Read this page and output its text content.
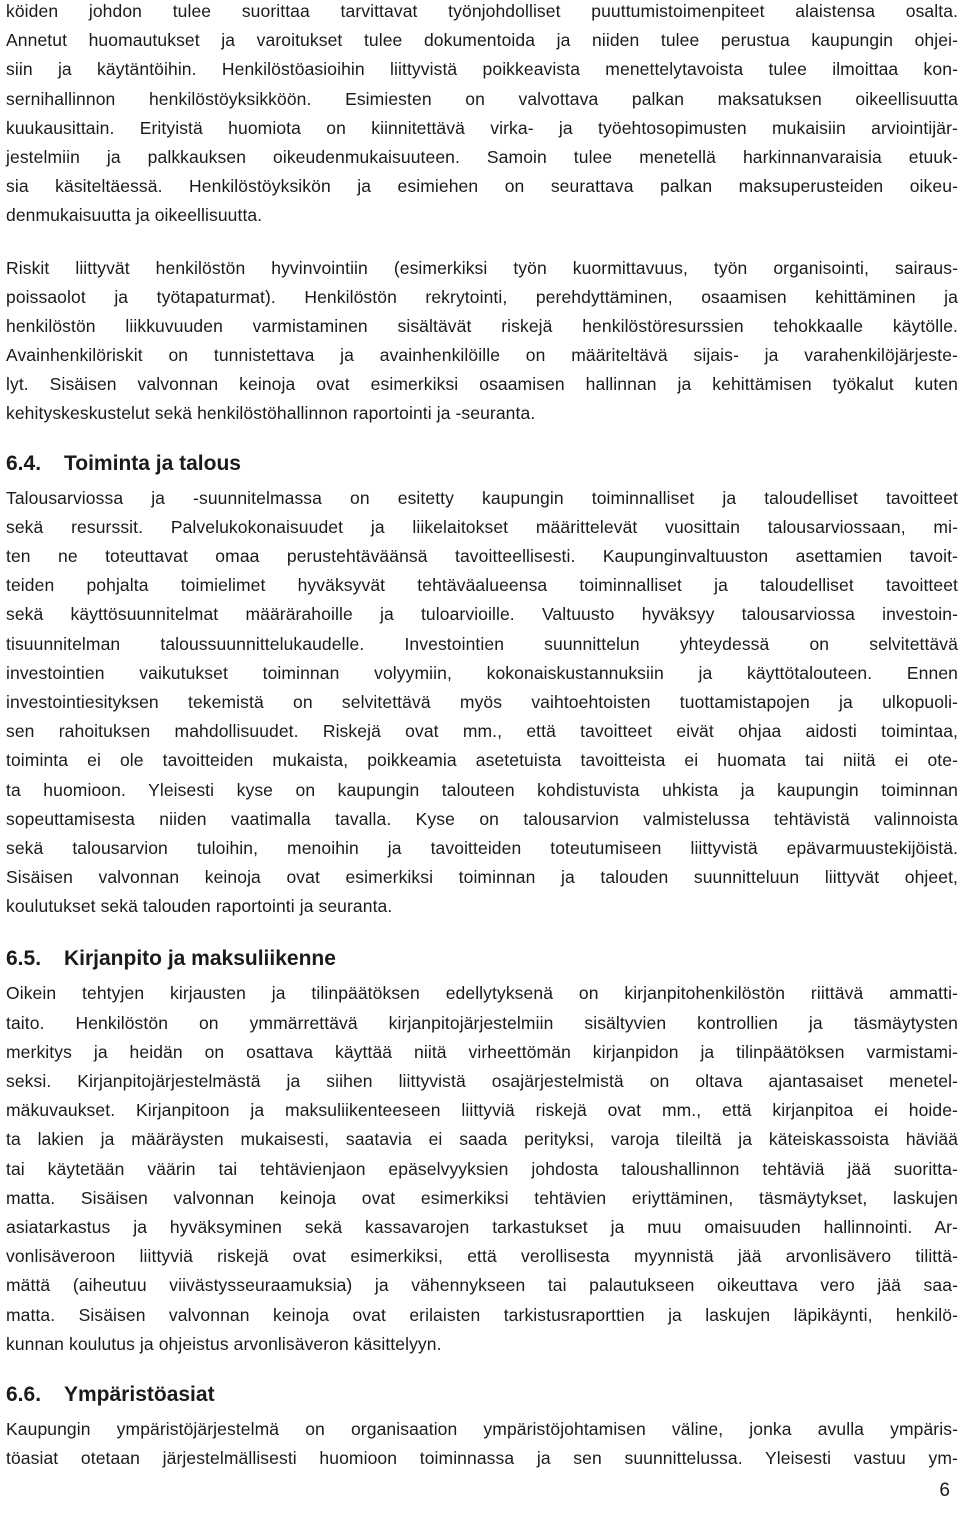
köiden johdon tulee suorittaa tarvittavat työnjohdolliset puuttumistoimenpiteet alaistensa osalta.
Annetut huomautukset ja varoitukset tulee dokumentoida ja niiden tulee perustua kaupungin ohjei-
siin ja käytäntöihin. Henkilöstöasioihin liittyvistä poikkeavista menettelytavoista tulee ilmoittaa kon-
sernihallinnon henkilöstöyksikköön. Esimiesten on valvottava palkan maksatuksen oikeellisuutta
kuukausittain. Erityistä huomiota on kiinnitettävä virka- ja työehtosopimusten mukaisiin arviointijär-
jestelmiin ja palkkauksen oikeudenmukaisuuteen. Samoin tulee menetellä harkinnanvaraisia etuuk-
sia käsiteltäessä. Henkilöstöyksikön ja esimiehen on seurattava palkan maksuperusteiden oikeu-
denmukaisuutta ja oikeellisuutta.
Riskit liittyvät henkilöstön hyvinvointiin (esimerkiksi työn kuormittavuus, työn organisointi, sairaus-
poissaolot ja työtapaturmat). Henkilöstön rekrytointi, perehdyttäminen, osaamisen kehittäminen ja
henkilöstön liikkuvuuden varmistaminen sisältävät riskejä henkilöstöresurssien tehokkaalle käytölle.
Avainhenkilöriskit on tunnistettava ja avainhenkilöille on määriteltävä sijais- ja varahenkilöjärjeste-
lyt. Sisäisen valvonnan keinoja ovat esimerkiksi osaamisen hallinnan ja kehittämisen työkalut kuten
kehityskeskustelut sekä henkilöstöhallinnon raportointi ja -seuranta.
6.4.	Toiminta ja talous
Talousarviossa ja -suunnitelmassa on esitetty kaupungin toiminnalliset ja taloudelliset tavoitteet
sekä resurssit. Palvelukokonaisuudet ja liikelaitokset määrittelevät vuosittain talousarviossaan, mi-
ten ne toteuttavat omaa perustehtäväänsä tavoitteellisesti. Kaupunginvaltuuston asettamien tavoit-
teiden pohjalta toimielimet hyväksyvät tehtäväalueensa toiminnalliset ja taloudelliset tavoitteet
sekä käyttösuunnitelmat määrärahoille ja tuloarvioille. Valtuusto hyväksyy talousarviossa investoin-
tisuunnitelman taloussuunnittelukaudelle. Investointien suunnittelun yhteydessä on selvitettävä
investointien vaikutukset toiminnan volyymiin, kokonaiskustannuksiin ja käyttötalouteen. Ennen
investointiesityksen tekemistä on selvitettävä myös vaihtoehtoisten tuottamistapojen ja ulkopuoli-
sen rahoituksen mahdollisuudet. Riskejä ovat mm., että tavoitteet eivät ohjaa aidosti toimintaa,
toiminta ei ole tavoitteiden mukaista, poikkeamia asetetuista tavoitteista ei huomata tai niitä ei ote-
ta huomioon. Yleisesti kyse on kaupungin talouteen kohdistuvista uhkista ja kaupungin toiminnan
sopeuttamisesta niiden vaatimalla tavalla. Kyse on talousarvion valmistelussa tehtävistä valinnoista
sekä talousarvion tuloihin, menoihin ja tavoitteiden toteutumiseen liittyvistä epävarmuustekijöistä.
Sisäisen valvonnan keinoja ovat esimerkiksi toiminnan ja talouden suunnitteluun liittyvät ohjeet,
koulutukset sekä talouden raportointi ja seuranta.
6.5.	Kirjanpito ja maksuliikenne
Oikein tehtyjen kirjausten ja tilinpäätöksen edellytyksenä on kirjanpitohenkilöstön riittävä ammatti-
taito. Henkilöstön on ymmärrettävä kirjanpitojärjestelmiin sisältyvien kontrollien ja täsmäytysten
merkitys ja heidän on osattava käyttää niitä virheettömän kirjanpidon ja tilinpäätöksen varmistami-
seksi. Kirjanpitojärjestelmästä ja siihen liittyvistä osajärjestelmistä on oltava ajantasaiset menetel-
mäkuvaukset. Kirjanpitoon ja maksuliikenteeseen liittyviä riskejä ovat mm., että kirjanpitoa ei hoide-
ta lakien ja määräysten mukaisesti, saatavia ei saada perityksi, varoja tileiltä ja käteiskassoista häviää
tai käytetään väärin tai tehtävienjaon epäselvyyksien johdosta taloushallinnon tehtäviä jää suoritta-
matta. Sisäisen valvonnan keinoja ovat esimerkiksi tehtävien eriyttäminen, täsmäytykset, laskujen
asiatarkastus ja hyväksyminen sekä kassavarojen tarkastukset ja muu omaisuuden hallinnointi. Ar-
vonlisäveroon liittyviä riskejä ovat esimerkiksi, että verollisesta myynnistä jää arvonlisävero tilittä-
mättä (aiheutuu viivästysseuraamuksia) ja vähennykseen tai palautukseen oikeuttava vero jää saa-
matta. Sisäisen valvonnan keinoja ovat erilaisten tarkistusraporttien ja laskujen läpikäynti, henkilö-
kunnan koulutus ja ohjeistus arvonlisäveron käsittelyyn.
6.6.	Ympäristöasiat
Kaupungin ympäristöjärjestelmä on organisaation ympäristöjohtamisen väline, jonka avulla ympäris-
töasiat otetaan järjestelmällisesti huomioon toiminnassa ja sen suunnittelussa. Yleisesti vastuu ym-
6
